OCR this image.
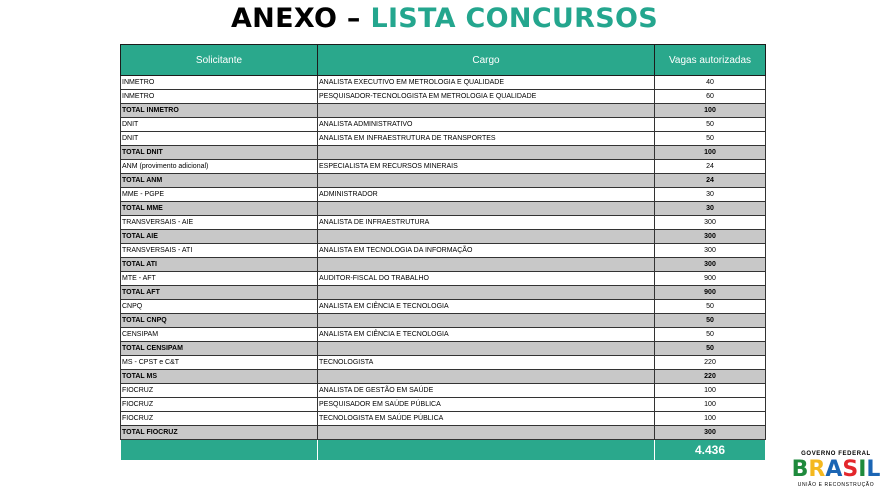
ANEXO – LISTA CONCURSOS
Solicitante	Cargo	Vagas autorizadas
INMETRO	ANALISTA EXECUTIVO EM METROLOGIA E QUALIDADE	40
INMETRO	PESQUISADOR-TECNOLOGISTA EM METROLOGIA E QUALIDADE	60
TOTAL INMETRO		100
DNIT	ANALISTA ADMINISTRATIVO	50
DNIT	ANALISTA EM INFRAESTRUTURA DE TRANSPORTES	50
TOTAL DNIT		100
ANM (provimento adicional)	ESPECIALISTA EM RECURSOS MINERAIS	24
TOTAL ANM		24
MME - PGPE	ADMINISTRADOR	30
TOTAL MME		30
TRANSVERSAIS - AIE	ANALISTA DE INFRAESTRUTURA	300
TOTAL AIE		300
TRANSVERSAIS - ATI	ANALISTA EM TECNOLOGIA DA INFORMAÇÃO	300
TOTAL ATI		300
MTE - AFT	AUDITOR-FISCAL DO TRABALHO	900
TOTAL AFT		900
CNPQ	ANALISTA EM CIÊNCIA E TECNOLOGIA	50
TOTAL CNPQ		50
CENSIPAM	ANALISTA EM CIÊNCIA E TECNOLOGIA	50
TOTAL CENSIPAM		50
MS - CPST e C&T	TECNOLOGISTA	220
TOTAL MS		220
FIOCRUZ	ANALISTA DE GESTÃO EM SAÚDE	100
FIOCRUZ	PESQUISADOR EM SAÚDE PÚBLICA	100
FIOCRUZ	TECNOLOGISTA EM SAÚDE PÚBLICA	100
TOTAL FIOCRUZ		300
		4.436	GOVERNO FEDERAL
B R A S I L
UNIÃO E RECONSTRUÇÃO
